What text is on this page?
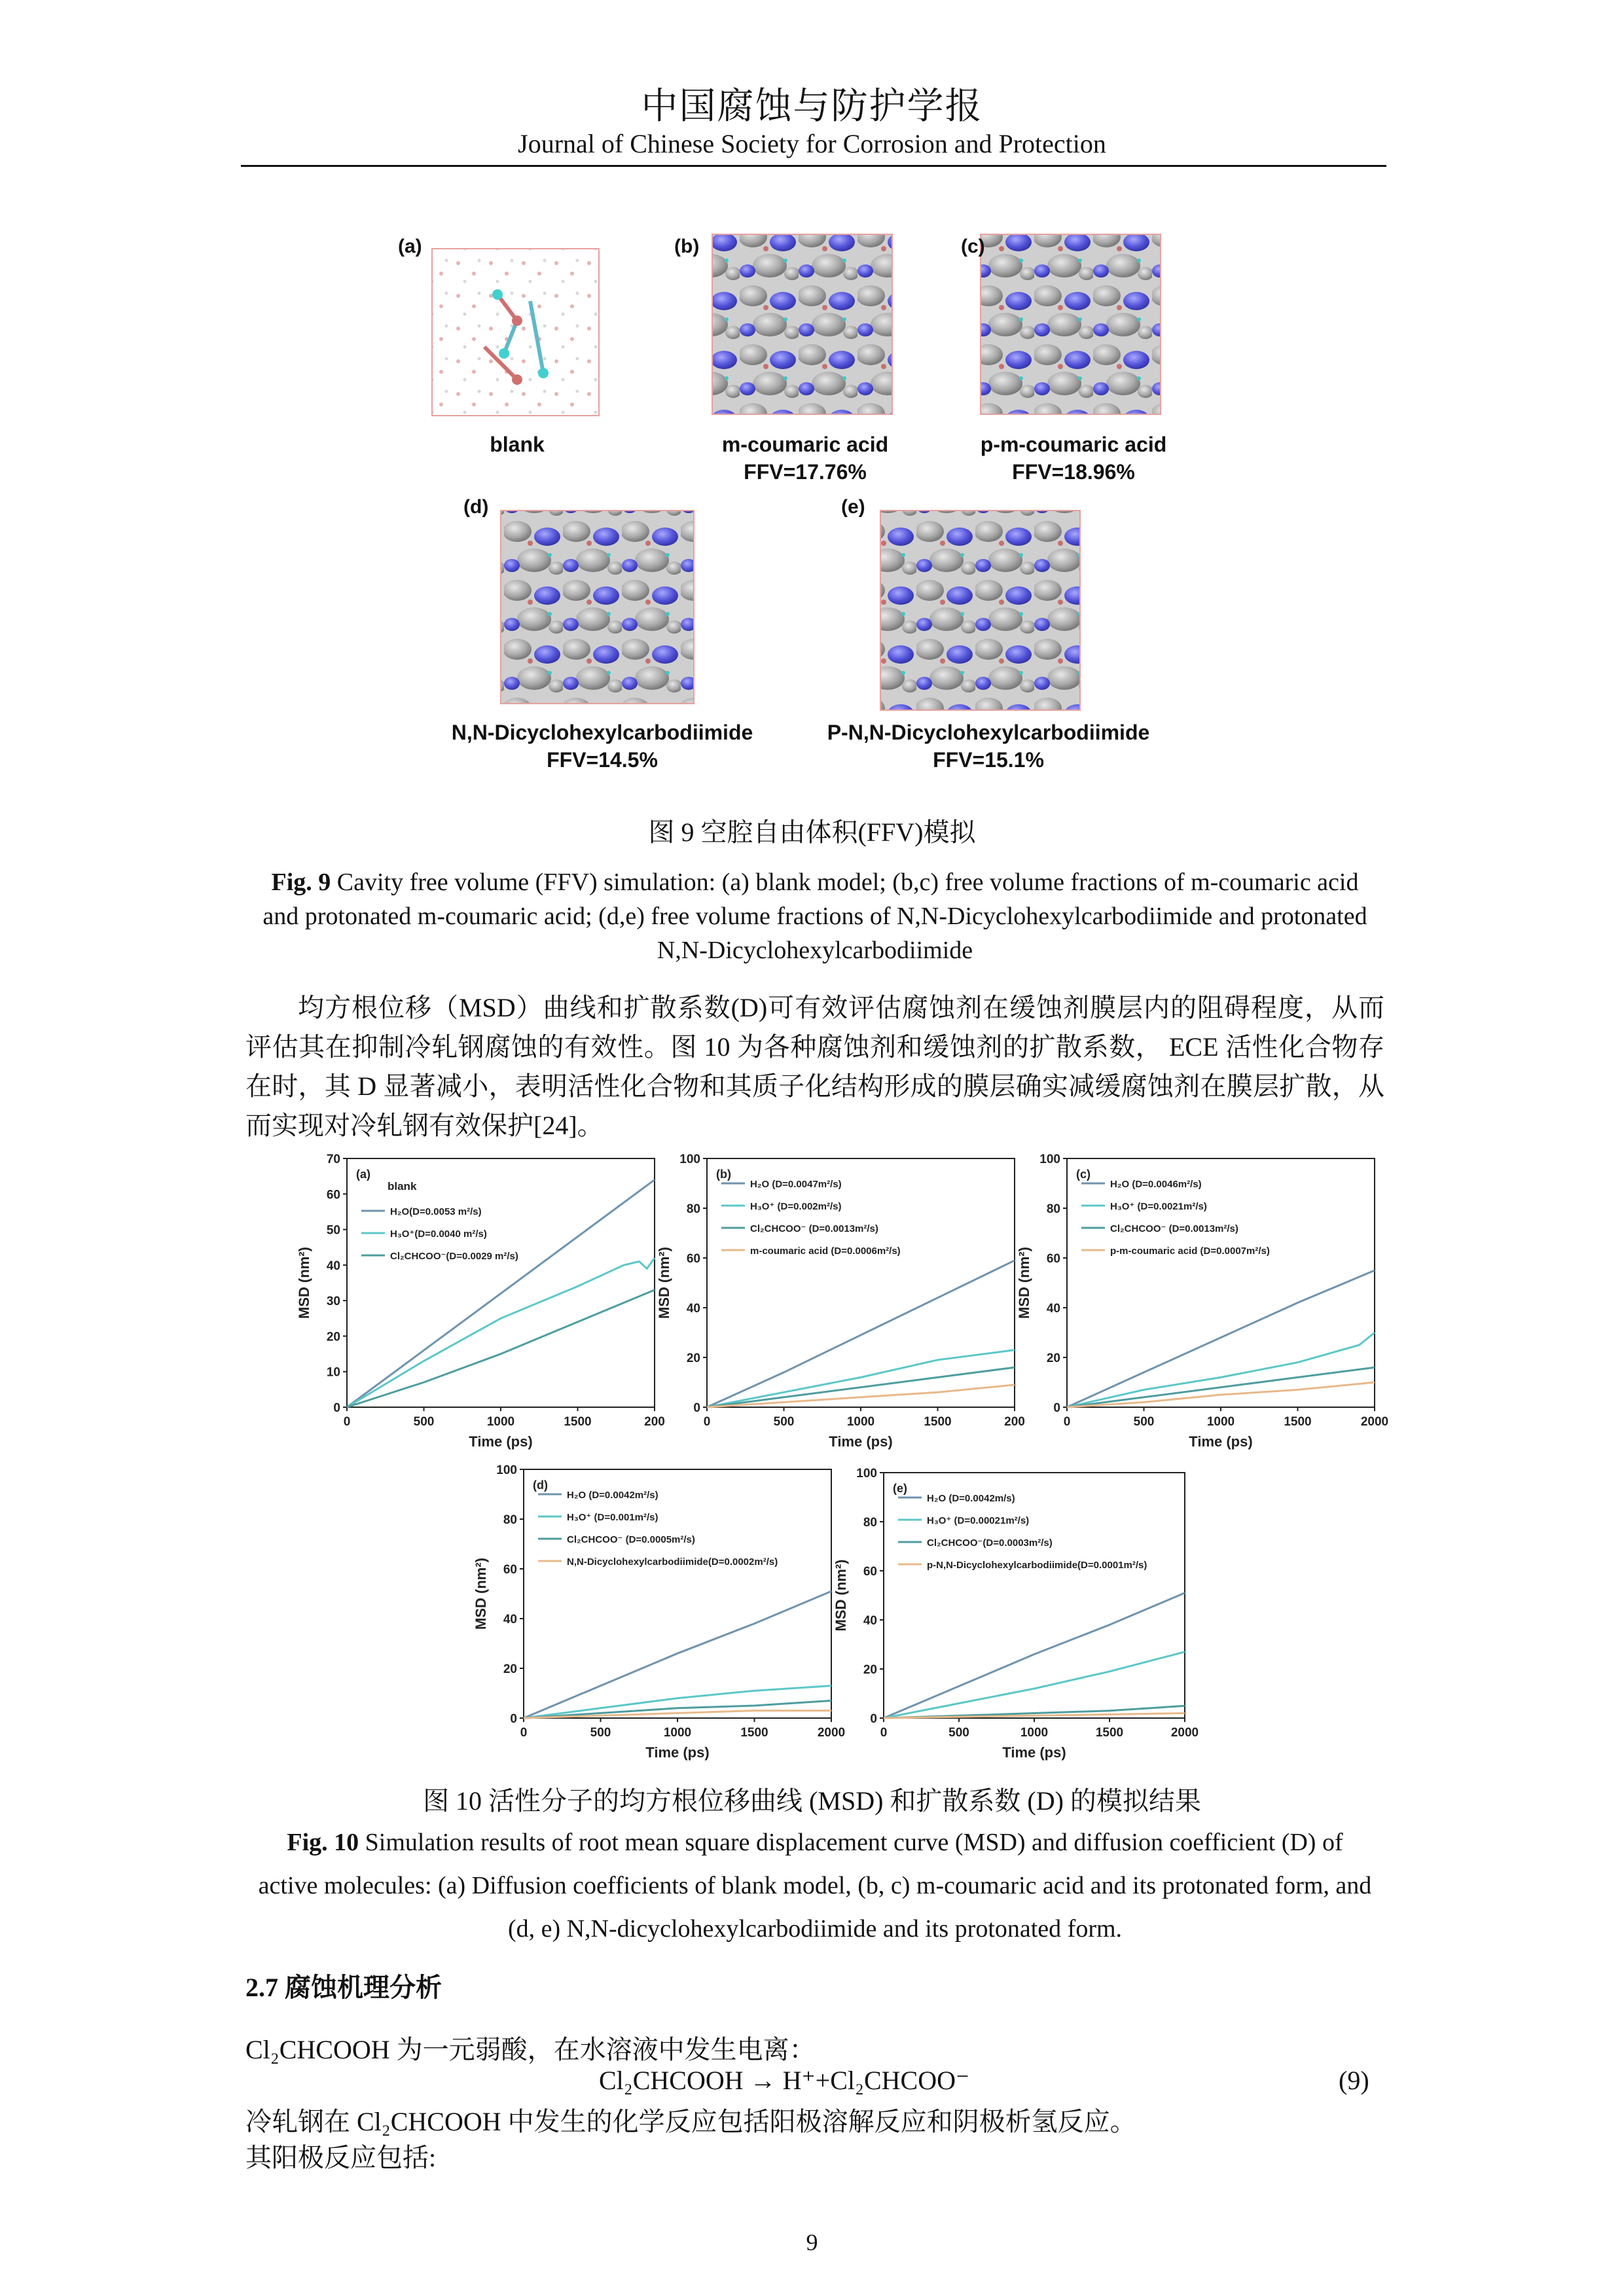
中国腐蚀与防护学报
Journal of Chinese Society for Corrosion and Protection
(a)	(b)	(c)
(d)	(e)
blank	m-coumaric acid
FFV=17.76%
p-m-coumaric acid
FFV=18.96%
N,N-Dicyclohexylcarbodiimide
FFV=14.5%
P-N,N-Dicyclohexylcarbodiimide
FFV=15.1%
图 9 空腔自由体积(FFV)模拟
Fig. 9 Cavity free volume (FFV) simulation: (a) blank model; (b,c) free volume fractions of m-coumaric acid and protonated m-coumaric acid; (d,e) free volume fractions of N,N-Dicyclohexylcarbodiimide and protonated N,N-Dicyclohexylcarbodiimide
均方根位移（MSD）曲线和扩散系数(D)可有效评估腐蚀剂在缓蚀剂膜层内的阻碍程度，从而评估其在抑制冷轧钢腐蚀的有效性。图 10 为各种腐蚀剂和缓蚀剂的扩散系数， ECE 活性化合物存在时，其 D 显著减小，表明活性化合物和其质子化结构形成的膜层确实减缓腐蚀剂在膜层扩散，从而实现对冷轧钢有效保护[24]。
0
10
20
30
40
50
60
70
0	500	1000	1500	200
Time (ps)
MSD (nm²)
(a)
blank
H₂O(D=0.0053 m²/s)
H₃O⁺(D=0.0040 m²/s)
Cl₂CHCOO⁻(D=0.0029 m²/s)
0
20
40
60
80
100
0	500	1000	1500	200
Time (ps)
MSD (nm²)
(b)
H₂O (D=0.0047m²/s)
H₃O⁺ (D=0.002m²/s)
Cl₂CHCOO⁻ (D=0.0013m²/s)
m-coumaric acid (D=0.0006m²/s)
0
20
40
60
80
100
0	500	1000	1500	2000
Time (ps)
MSD (nm²)
(c)
H₂O (D=0.0046m²/s)
H₃O⁺ (D=0.0021m²/s)
Cl₂CHCOO⁻ (D=0.0013m²/s)
p-m-coumaric acid (D=0.0007m²/s)
0
20
40
60
80
100
0	500	1000	1500	2000
Time (ps)
MSD (nm²)
(d)
H₂O (D=0.0042m²/s)
H₃O⁺ (D=0.001m²/s)
Cl₂CHCOO⁻ (D=0.0005m²/s)
N,N-Dicyclohexylcarbodiimide(D=0.0002m²/s)
0
20
40
60
80
100
0	500	1000	1500	2000
Time (ps)
MSD (nm²)
(e)
H₂O (D=0.0042m/s)
H₃O⁺ (D=0.00021m²/s)
Cl₂CHCOO⁻(D=0.0003m²/s)
p-N,N-Dicyclohexylcarbodiimide(D=0.0001m²/s)
图 10 活性分子的均方根位移曲线 (MSD) 和扩散系数 (D) 的模拟结果
Fig. 10 Simulation results of root mean square displacement curve (MSD) and diffusion coefficient (D) of active molecules: (a) Diffusion coefficients of blank model, (b, c) m-coumaric acid and its protonated form, and (d, e) N,N-dicyclohexylcarbodiimide and its protonated form.
2.7 腐蚀机理分析
Cl₂CHCOOH 为一元弱酸，在水溶液中发生电离：
Cl₂CHCOOH → H⁺+Cl₂CHCOO⁻	(9)
冷轧钢在 Cl₂CHCOOH 中发生的化学反应包括阳极溶解反应和阴极析氢反应。
其阳极反应包括:
9
